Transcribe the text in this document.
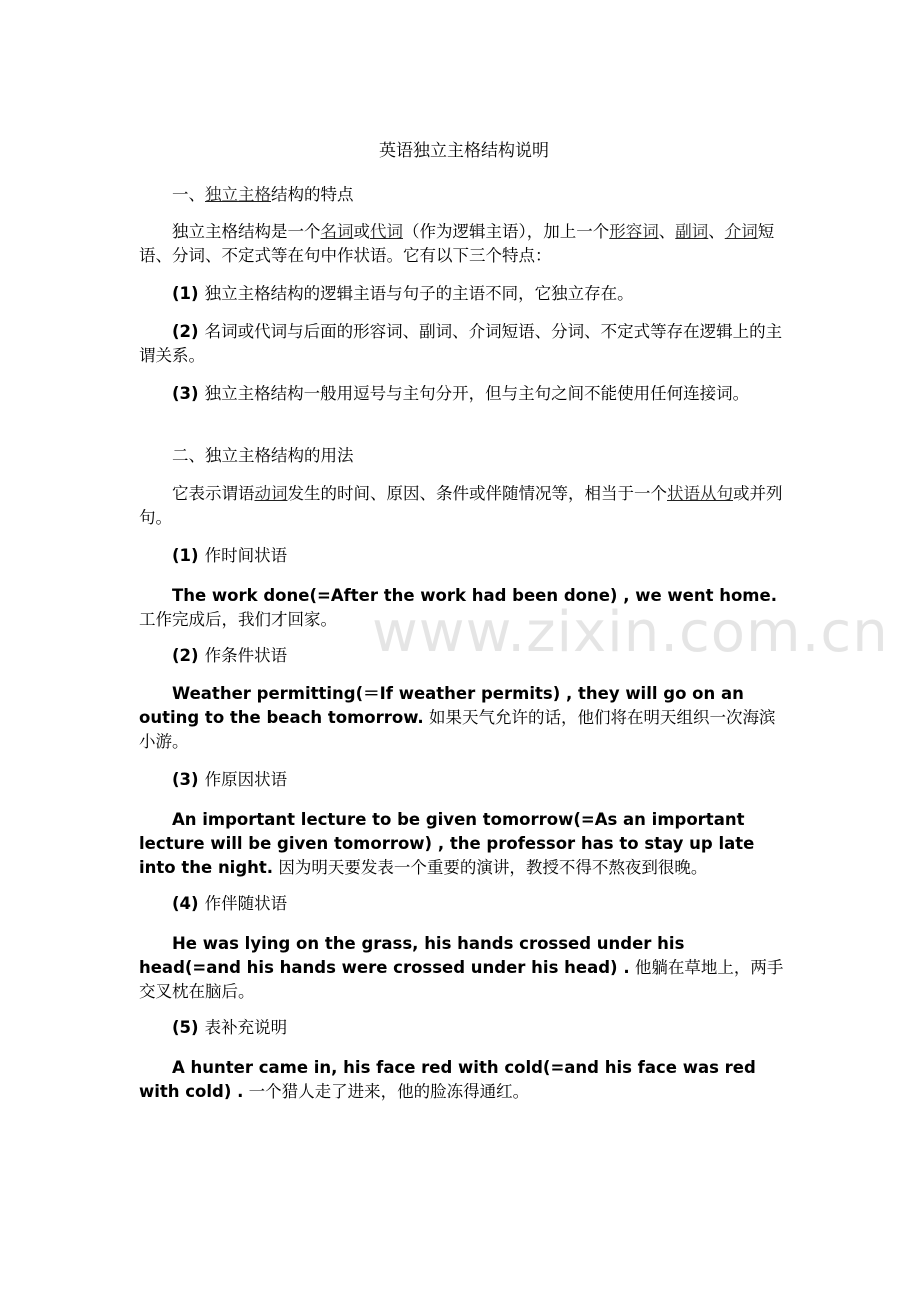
英语独立主格结构说明
一、独立主格结构的特点
独立主格结构是一个名词或代词（作为逻辑主语），加上一个形容词、副词、介词短语、分词、不定式等在句中作状语。它有以下三个特点：
(1) 独立主格结构的逻辑主语与句子的主语不同，它独立存在。
(2) 名词或代词与后面的形容词、副词、介词短语、分词、不定式等存在逻辑上的主谓关系。
(3) 独立主格结构一般用逗号与主句分开，但与主句之间不能使用任何连接词。
二、独立主格结构的用法
它表示谓语动词发生的时间、原因、条件或伴随情况等，相当于一个状语从句或并列句。
(1) 作时间状语
The work done(=After the work had been done) , we went home. 工作完成后，我们才回家。
(2) 作条件状语
Weather permitting(＝If weather permits) , they will go on an outing to the beach tomorrow. 如果天气允许的话，他们将在明天组织一次海滨小游。
(3) 作原因状语
An important lecture to be given tomorrow(=As an important lecture will be given tomorrow) , the professor has to stay up late into the night. 因为明天要发表一个重要的演讲，教授不得不熬夜到很晚。
(4) 作伴随状语
He was lying on the grass, his hands crossed under his head(=and his hands were crossed under his head) . 他躺在草地上，两手交叉枕在脑后。
(5) 表补充说明
A hunter came in, his face red with cold(=and his face was red with cold) . 一个猎人走了进来，他的脸冻得通红。
www.zixin.com.cn
